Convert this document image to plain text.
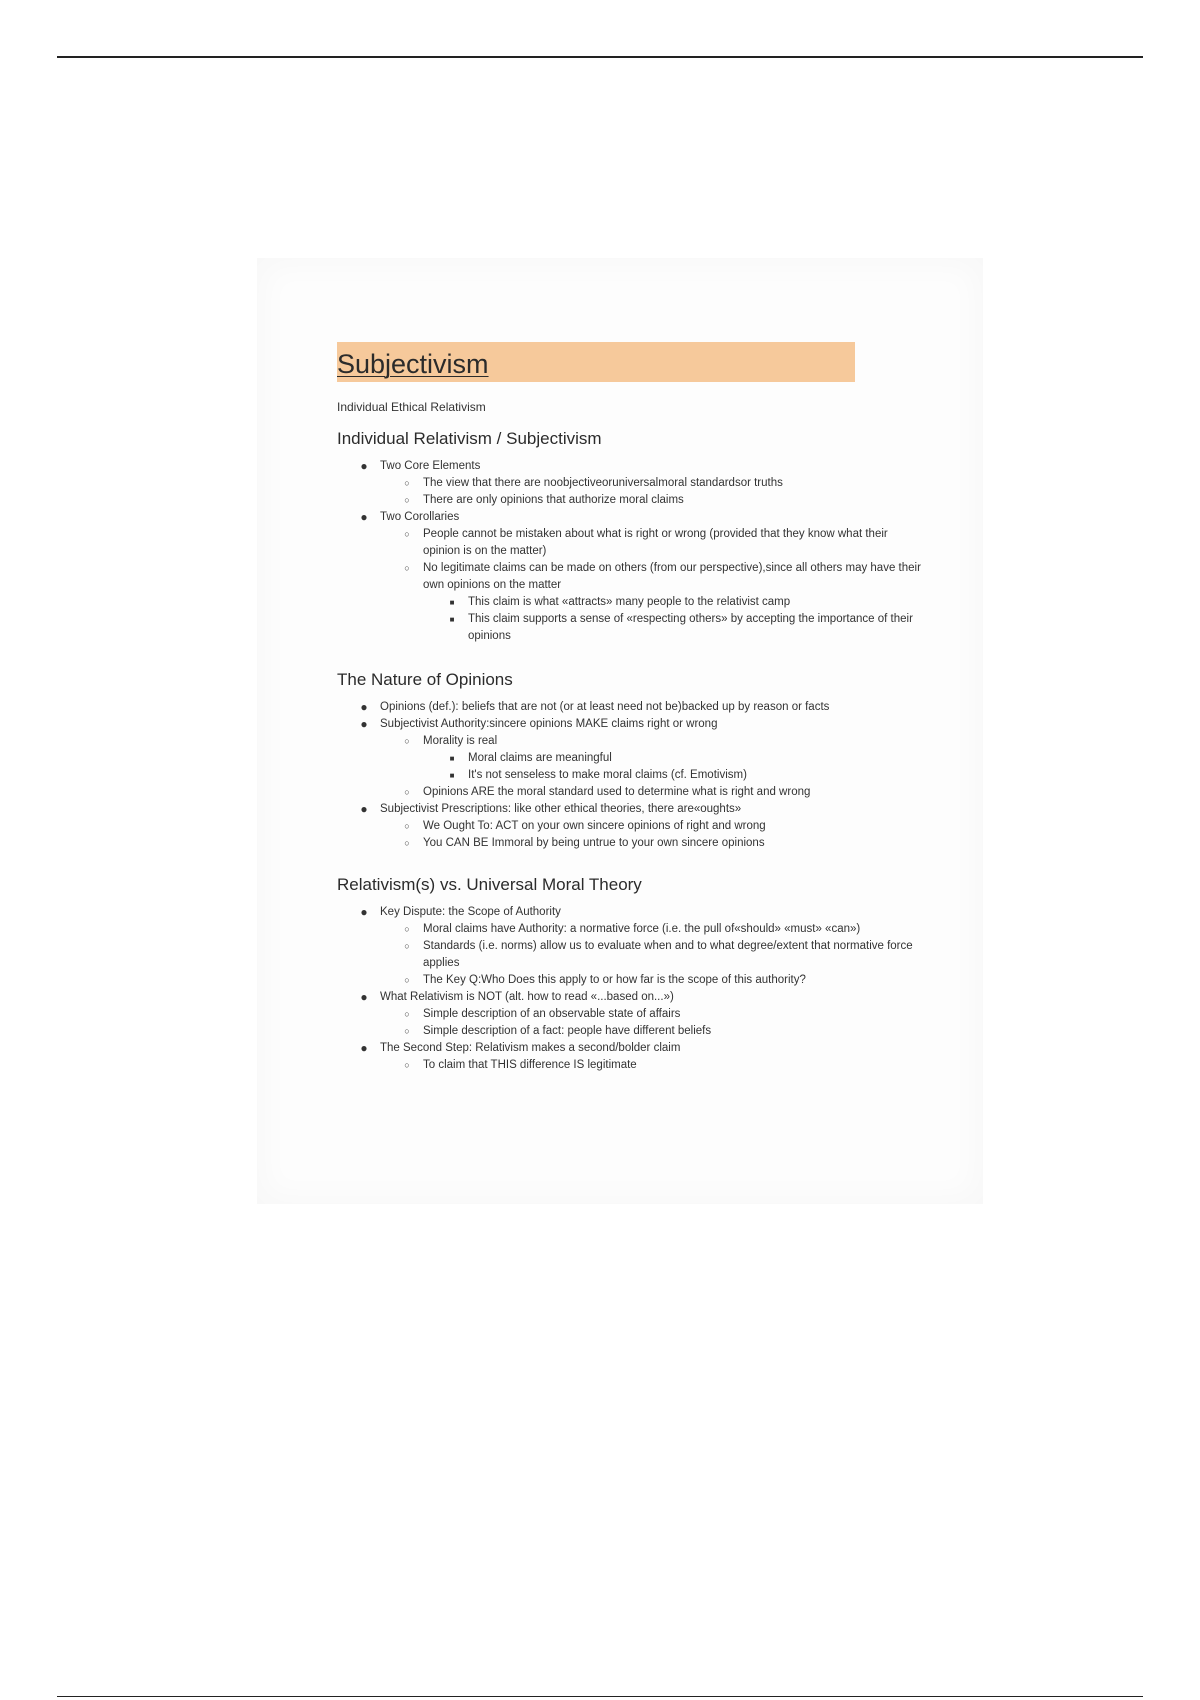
Subjectivism

Individual Ethical Relativism

Individual Relativism / Subjectivism
● Two Core Elements
○ The view that there are noobjectiveoruniversalmoral standardsor truths
○ There are only opinions that authorize moral claims
● Two Corollaries
○ People cannot be mistaken about what is right or wrong (provided that they know what their opinion is on the matter)
○ No legitimate claims can be made on others (from our perspective),since all others may have their own opinions on the matter
■ This claim is what «attracts» many people to the relativist camp
■ This claim supports a sense of «respecting others» by accepting the importance of their opinions
The Nature of Opinions
● Opinions (def.): beliefs that are not (or at least need not be)backed up by reason or facts
● Subjectivist Authority:sincere opinions MAKE claims right or wrong
○ Morality is real
■ Moral claims are meaningful
■ It's not senseless to make moral claims (cf. Emotivism)
○ Opinions ARE the moral standard used to determine what is right and wrong
● Subjectivist Prescriptions: like other ethical theories, there are«oughts»
○ We Ought To: ACT on your own sincere opinions of right and wrong
○ You CAN BE Immoral by being untrue to your own sincere opinions
Relativism(s) vs. Universal Moral Theory
● Key Dispute: the Scope of Authority
○ Moral claims have Authority: a normative force (i.e. the pull of«should» «must» «can»)
○ Standards (i.e. norms) allow us to evaluate when and to what degree/extent that normative force applies
○ The Key Q:Who Does this apply to or how far is the scope of this authority?
● What Relativism is NOT (alt. how to read «...based on...»)
○ Simple description of an observable state of affairs
○ Simple description of a fact: people have different beliefs
● The Second Step: Relativism makes a second/bolder claim
○ To claim that THIS difference IS legitimate
